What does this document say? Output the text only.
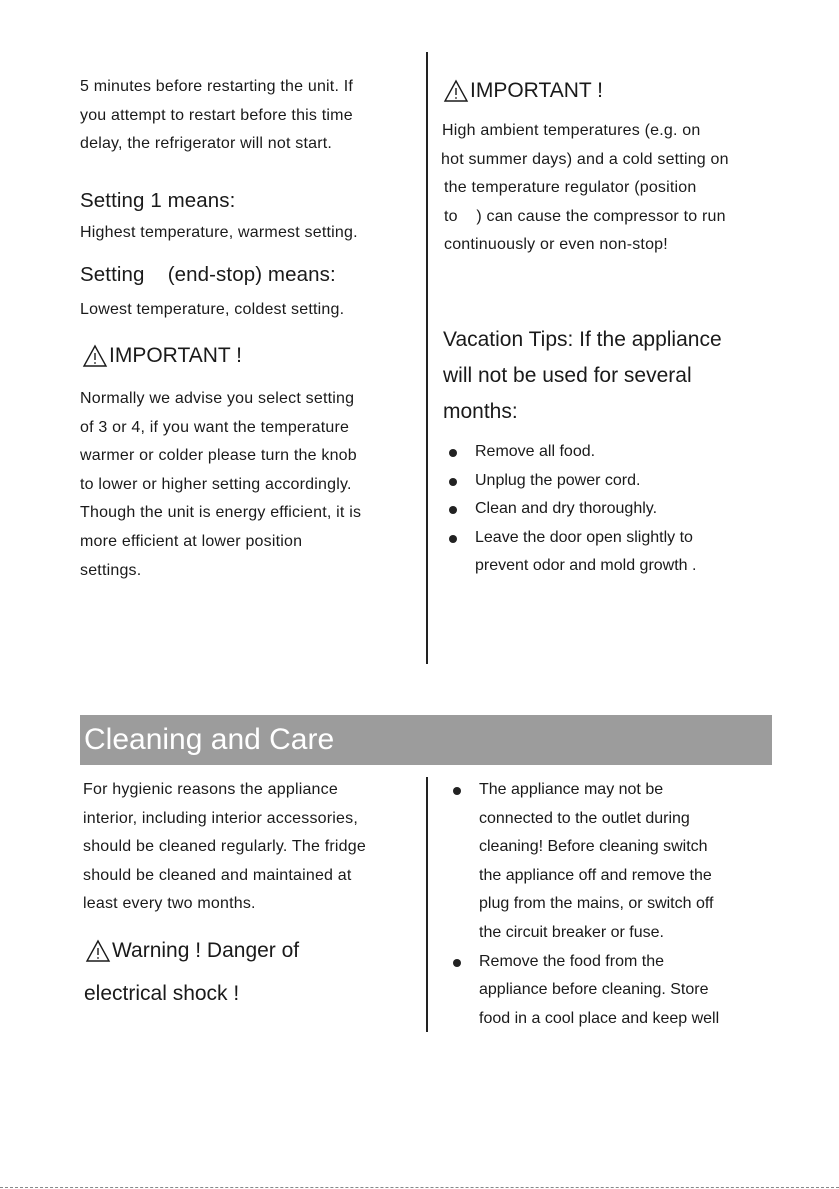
5 minutes before restarting the unit. If

you attempt to restart before this time

delay, the refrigerator will not start.

Setting 1 means:

Highest temperature, warmest setting.

Setting    (end-stop) means:

Lowest temperature, coldest setting.

IMPORTANT !

Normally we advise you select setting

of 3 or 4, if you want the temperature

warmer or colder please turn the knob

to lower or higher setting accordingly.

Though the unit is energy efficient, it is

more efficient at lower position

settings.

IMPORTANT !

High ambient temperatures (e.g. on

hot summer days) and a cold setting on

the temperature regulator (position

to    ) can cause the compressor to run

continuously or even non-stop!

Vacation Tips: If the appliance

will not be used for several

months:

Remove all food.
Unplug the power cord.
Clean and dry thoroughly.
Leave the door open slightly to
prevent odor and mold growth .
Cleaning and Care

For hygienic reasons the appliance

interior, including interior accessories,

should be cleaned regularly. The fridge

should be cleaned and maintained at

least every two months.

Warning ! Danger of

electrical shock !

The appliance may not be
connected to the outlet during
cleaning! Before cleaning switch
the appliance off and remove the
plug from the mains, or switch off
the circuit breaker or fuse.
Remove the food from the
appliance before cleaning. Store
food in a cool place and keep well
